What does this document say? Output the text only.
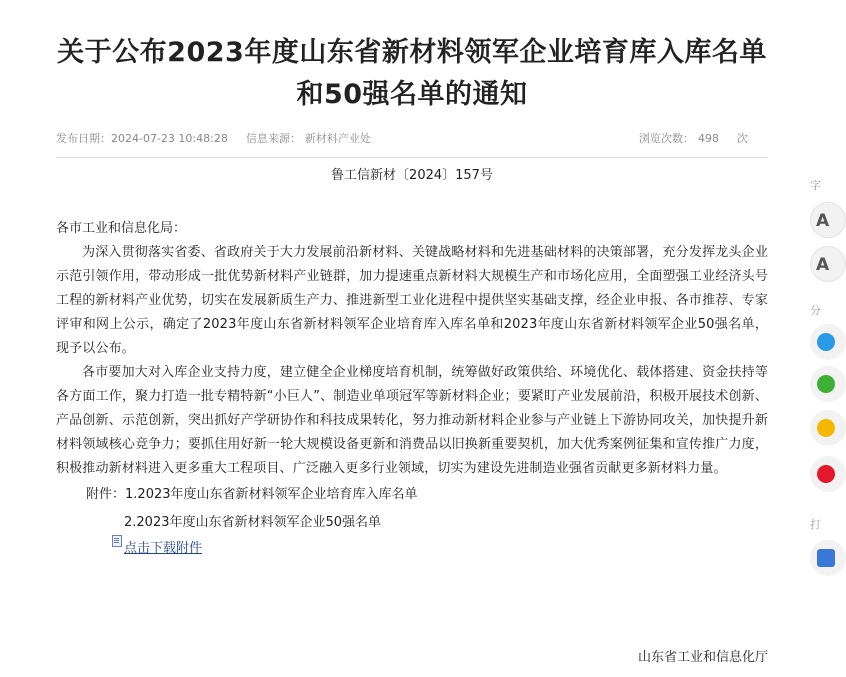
关于公布2023年度山东省新材料领军企业培育库入库名单和50强名单的通知
发布日期：2024-07-23 10:48:28 信息来源： 新材料产业处	浏览次数： 498 次
鲁工信新材〔2024〕157号
各市工业和信息化局：

为深入贯彻落实省委、省政府关于大力发展前沿新材料、关键战略材料和先进基础材料的决策部署，充分发挥龙头企业示范引领作用，带动形成一批优势新材料产业链群，加力提速重点新材料大规模生产和市场化应用，全面塑强工业经济头号工程的新材料产业优势，切实在发展新质生产力、推进新型工业化进程中提供坚实基础支撑，经企业申报、各市推荐、专家评审和网上公示，确定了2023年度山东省新材料领军企业培育库入库名单和2023年度山东省新材料领军企业50强名单，现予以公布。

各市要加大对入库企业支持力度，建立健全企业梯度培育机制，统筹做好政策供给、环境优化、载体搭建、资金扶持等各方面工作，聚力打造一批专精特新“小巨人”、制造业单项冠军等新材料企业；要紧盯产业发展前沿，积极开展技术创新、产品创新、示范创新，突出抓好产学研协作和科技成果转化，努力推动新材料企业参与产业链上下游协同攻关，加快提升新材料领域核心竞争力；要抓住用好新一轮大规模设备更新和消费品以旧换新重要契机，加大优秀案例征集和宣传推广力度，积极推动新材料进入更多重大工程项目、广泛融入更多行业领域，切实为建设先进制造业强省贡献更多新材料力量。

附件：1.2023年度山东省新材料领军企业培育库入库名单
2.2023年度山东省新材料领军企业50强名单
点击下载附件
山东省工业和信息化厅
字
A
A
分
打
